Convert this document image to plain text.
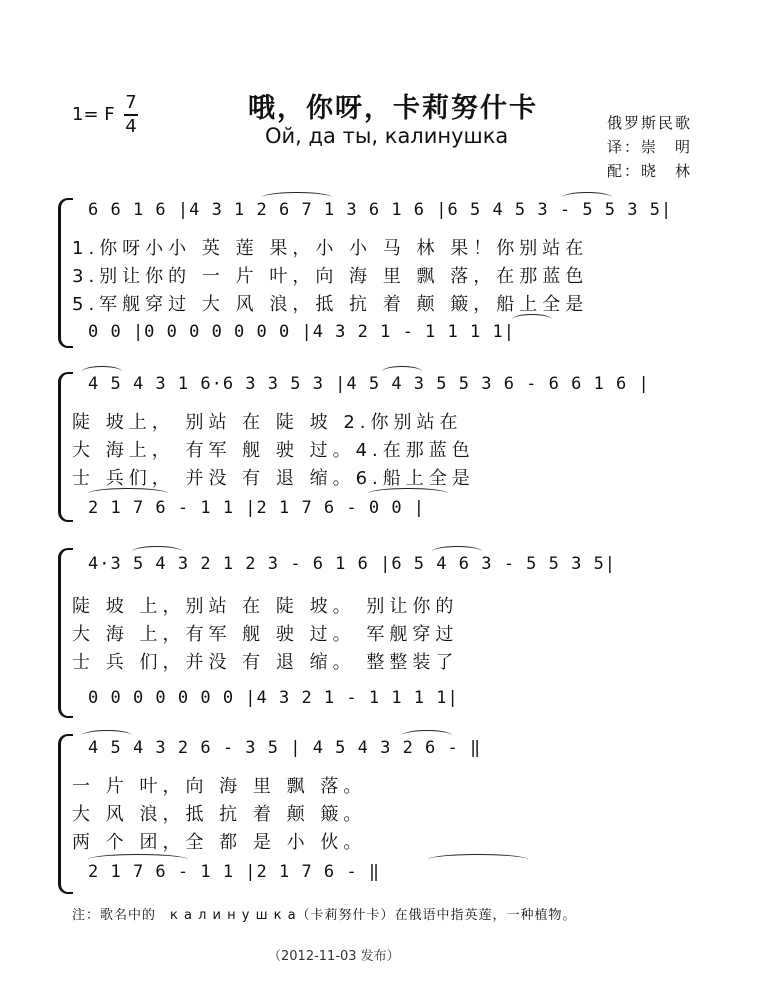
1= F
7
4
哦，你呀，卡莉努什卡
Ой, да ты, калинушка
俄罗斯民歌
译：崇　明
配：晓　林
6 6 1 6 |4 3 1 2 6 7 1 3 6 1 6 |6 5 4 5 3 - 5 5 3 5|
1.你呀小小 英 莲 果，小 小 马 林 果！你别站在
3.别让你的 一 片 叶，向 海 里 飘 落，在那蓝色
5.军舰穿过 大 风 浪，抵 抗 着 颠 簸，船上全是
0 0 |0 0 0 0 0 0 0 |4 3 2 1 - 1 1 1 1|
4 5 4 3 1 6·6 3 3 5 3 |4 5 4 3 5 5 3 6 - 6 6 1 6 |
陡 坡上， 别站 在 陡 坡 2.你别站在
大 海上， 有军 舰 驶 过。4.在那蓝色
士 兵们， 并没 有 退 缩。6.船上全是
2 1 7 6 - 1 1 |2 1 7 6 - 0 0 |
4·3 5 4 3 2 1 2 3 - 6 1 6 |6 5 4 6 3 - 5 5 3 5|
陡 坡 上，别站 在 陡 坡。 别让你的
大 海 上，有军 舰 驶 过。 军舰穿过
士 兵 们，并没 有 退 缩。 整整装了
0 0 0 0 0 0 0 |4 3 2 1 - 1 1 1 1|
4 5 4 3 2 6 - 3 5 | 4 5 4 3 2 6 - ‖
一 片 叶，向 海 里 飘 落。
大 风 浪，抵 抗 着 颠 簸。
两 个 团，全 都 是 小 伙。
2 1 7 6 - 1 1 |2 1 7 6 - ‖
注：歌名中的　к а л и н у ш к а（卡莉努什卡）在俄语中指英莲，一种植物。
（2012-11-03 发布）
